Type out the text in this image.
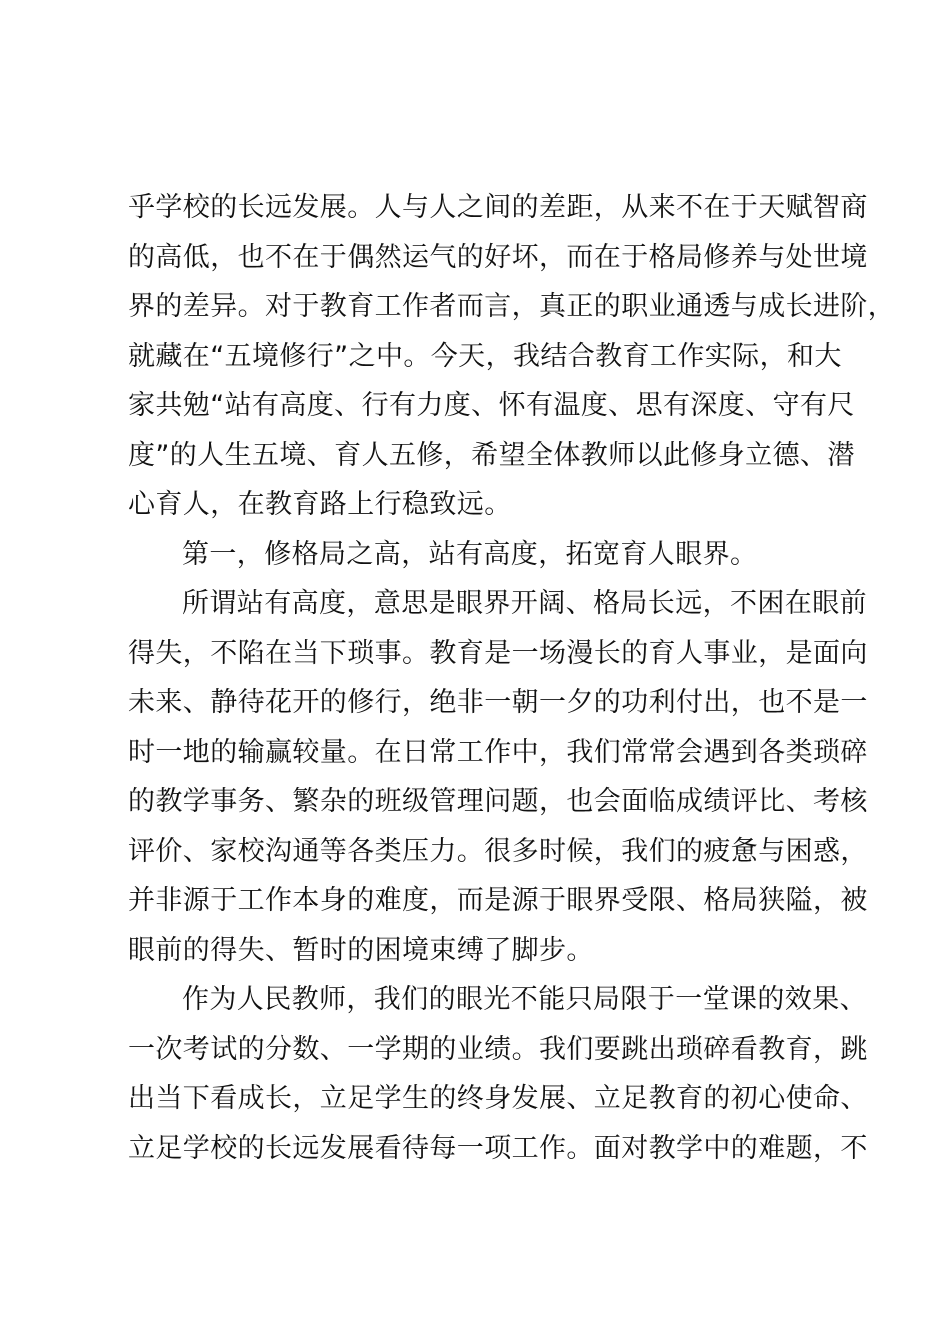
乎学校的长远发展。人与人之间的差距，从来不在于天赋智商
的高低，也不在于偶然运气的好坏，而在于格局修养与处世境
界的差异。对于教育工作者而言，真正的职业通透与成长进阶，
就藏在“五境修行”之中。今天，我结合教育工作实际，和大
家共勉“站有高度、行有力度、怀有温度、思有深度、守有尺
度”的人生五境、育人五修，希望全体教师以此修身立德、潜
心育人，在教育路上行稳致远。
第一，修格局之高，站有高度，拓宽育人眼界。
所谓站有高度，意思是眼界开阔、格局长远，不困在眼前
得失，不陷在当下琐事。教育是一场漫长的育人事业，是面向
未来、静待花开的修行，绝非一朝一夕的功利付出，也不是一
时一地的输赢较量。在日常工作中，我们常常会遇到各类琐碎
的教学事务、繁杂的班级管理问题，也会面临成绩评比、考核
评价、家校沟通等各类压力。很多时候，我们的疲惫与困惑，
并非源于工作本身的难度，而是源于眼界受限、格局狭隘，被
眼前的得失、暂时的困境束缚了脚步。
作为人民教师，我们的眼光不能只局限于一堂课的效果、
一次考试的分数、一学期的业绩。我们要跳出琐碎看教育，跳
出当下看成长，立足学生的终身发展、立足教育的初心使命、
立足学校的长远发展看待每一项工作。面对教学中的难题，不
